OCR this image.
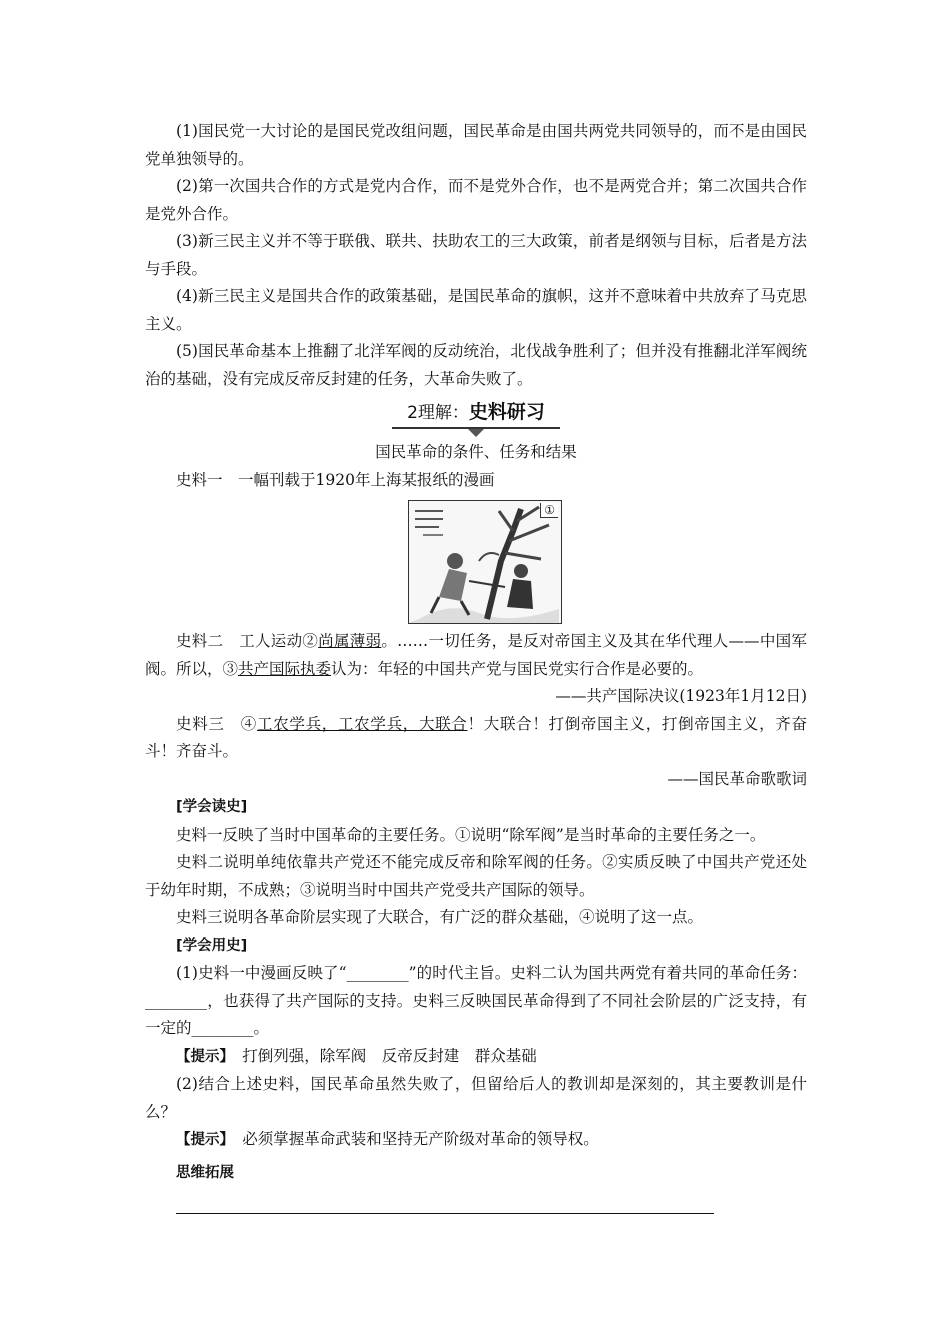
(1)国民党一大讨论的是国民党改组问题，国民革命是由国共两党共同领导的，而不是由国民党单独领导的。

(2)第一次国共合作的方式是党内合作，而不是党外合作，也不是两党合并；第二次国共合作是党外合作。

(3)新三民主义并不等于联俄、联共、扶助农工的三大政策，前者是纲领与目标，后者是方法与手段。

(4)新三民主义是国共合作的政策基础，是国民革命的旗帜，这并不意味着中共放弃了马克思主义。

(5)国民革命基本上推翻了北洋军阀的反动统治，北伐战争胜利了；但并没有推翻北洋军阀统治的基础，没有完成反帝反封建的任务，大革命失败了。

2理解：史料研习

国民革命的条件、任务和结果

史料一　 一幅刊载于1920年上海某报纸的漫画

①

史料二　 工人运动②尚属薄弱。……一切任务，是反对帝国主义及其在华代理人——中国军阀。所以，③共产国际执委认为：年轻的中国共产党与国民党实行合作是必要的。

——共产国际决议(1923年1月12日)

史料三　 ④工农学兵，工农学兵，大联合！大联合！打倒帝国主义，打倒帝国主义，齐奋斗！齐奋斗。

——国民革命歌歌词

[学会读史]

史料一反映了当时中国革命的主要任务。①说明“除军阀”是当时革命的主要任务之一。

史料二说明单纯依靠共产党还不能完成反帝和除军阀的任务。②实质反映了中国共产党还处于幼年时期，不成熟；③说明当时中国共产党受共产国际的领导。

史料三说明各革命阶层实现了大联合，有广泛的群众基础，④说明了这一点。

[学会用史]

(1)史料一中漫画反映了“________”的时代主旨。史料二认为国共两党有着共同的革命任务：________，也获得了共产国际的支持。史料三反映国民革命得到了不同社会阶层的广泛支持，有一定的________。

【提示】　 打倒列强，除军阀　反帝反封建　群众基础

(2)结合上述史料，国民革命虽然失败了，但留给后人的教训却是深刻的，其主要教训是什么？

【提示】　 必须掌握革命武装和坚持无产阶级对革命的领导权。

思维拓展
